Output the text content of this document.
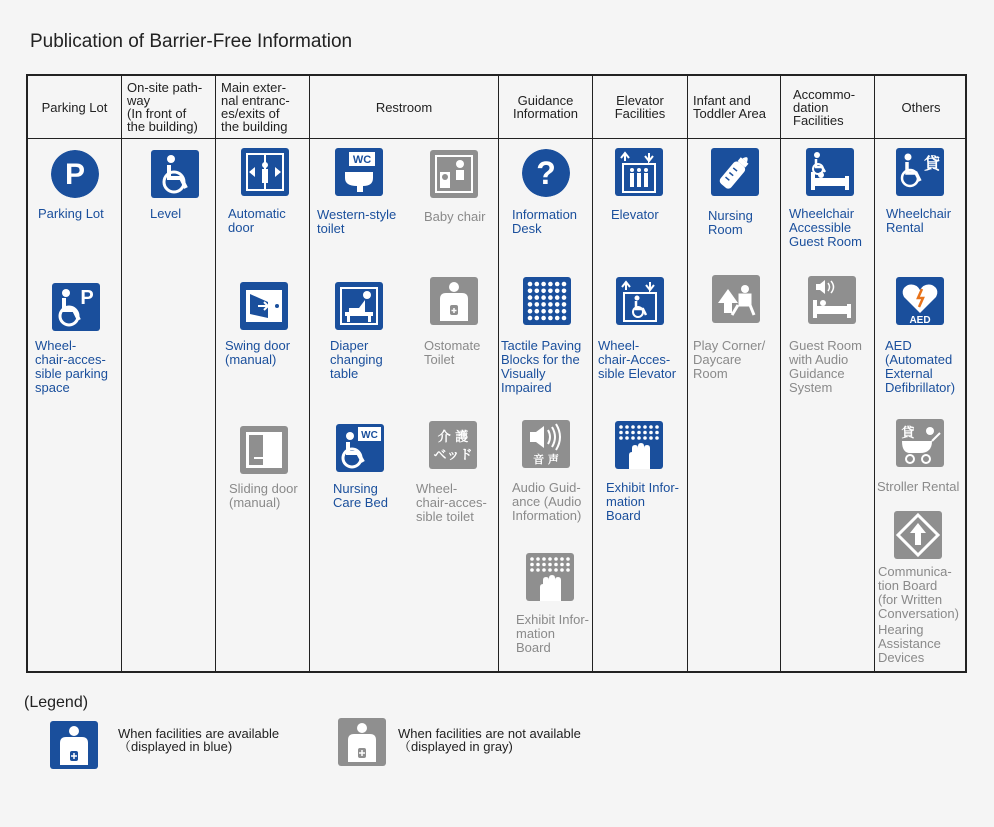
Publication of Barrier-Free Information
Parking Lot
On-site path-
way
(In front of
the building)
Main exter-
nal entranc-
es/exits of
the building
Restroom	Guidance
Information
Elevator
Facilities
Infant and
Toddler Area
Accommo-
dation
Facilities
Others
P
Parking Lot
P
Wheel-
chair-acces-
sible parking
space
Level	Automatic
door
Swing door
(manual)
Sliding door
(manual)
WC
Western-style
toilet
Diaper
changing
table
WC
Nursing
Care Bed
Baby chair
Ostomate
Toilet
介 護
ベッド
Wheel-
chair-acces-
sible toilet
?
Information
Desk
Tactile Paving
Blocks for the
Visually
Impaired
音 声
Audio Guid-
ance (Audio
Information)
Exhibit Infor-
mation
Board
Elevator
Wheel-
chair-Acces-
sible Elevator
Exhibit Infor-
mation
Board
Nursing
Room
Play Corner/
Daycare
Room
Wheelchair
Accessible
Guest Room
Guest Room
with Audio
Guidance
System
貸
Wheelchair
Rental
AED
AED
(Automated
External
Defibrillator)
貸
Stroller Rental
Communica-
tion Board
(for Written
Conversation)
Hearing
Assistance
Devices
(Legend)
When facilities are available
（displayed in blue)
When facilities are not available
（displayed in gray)
